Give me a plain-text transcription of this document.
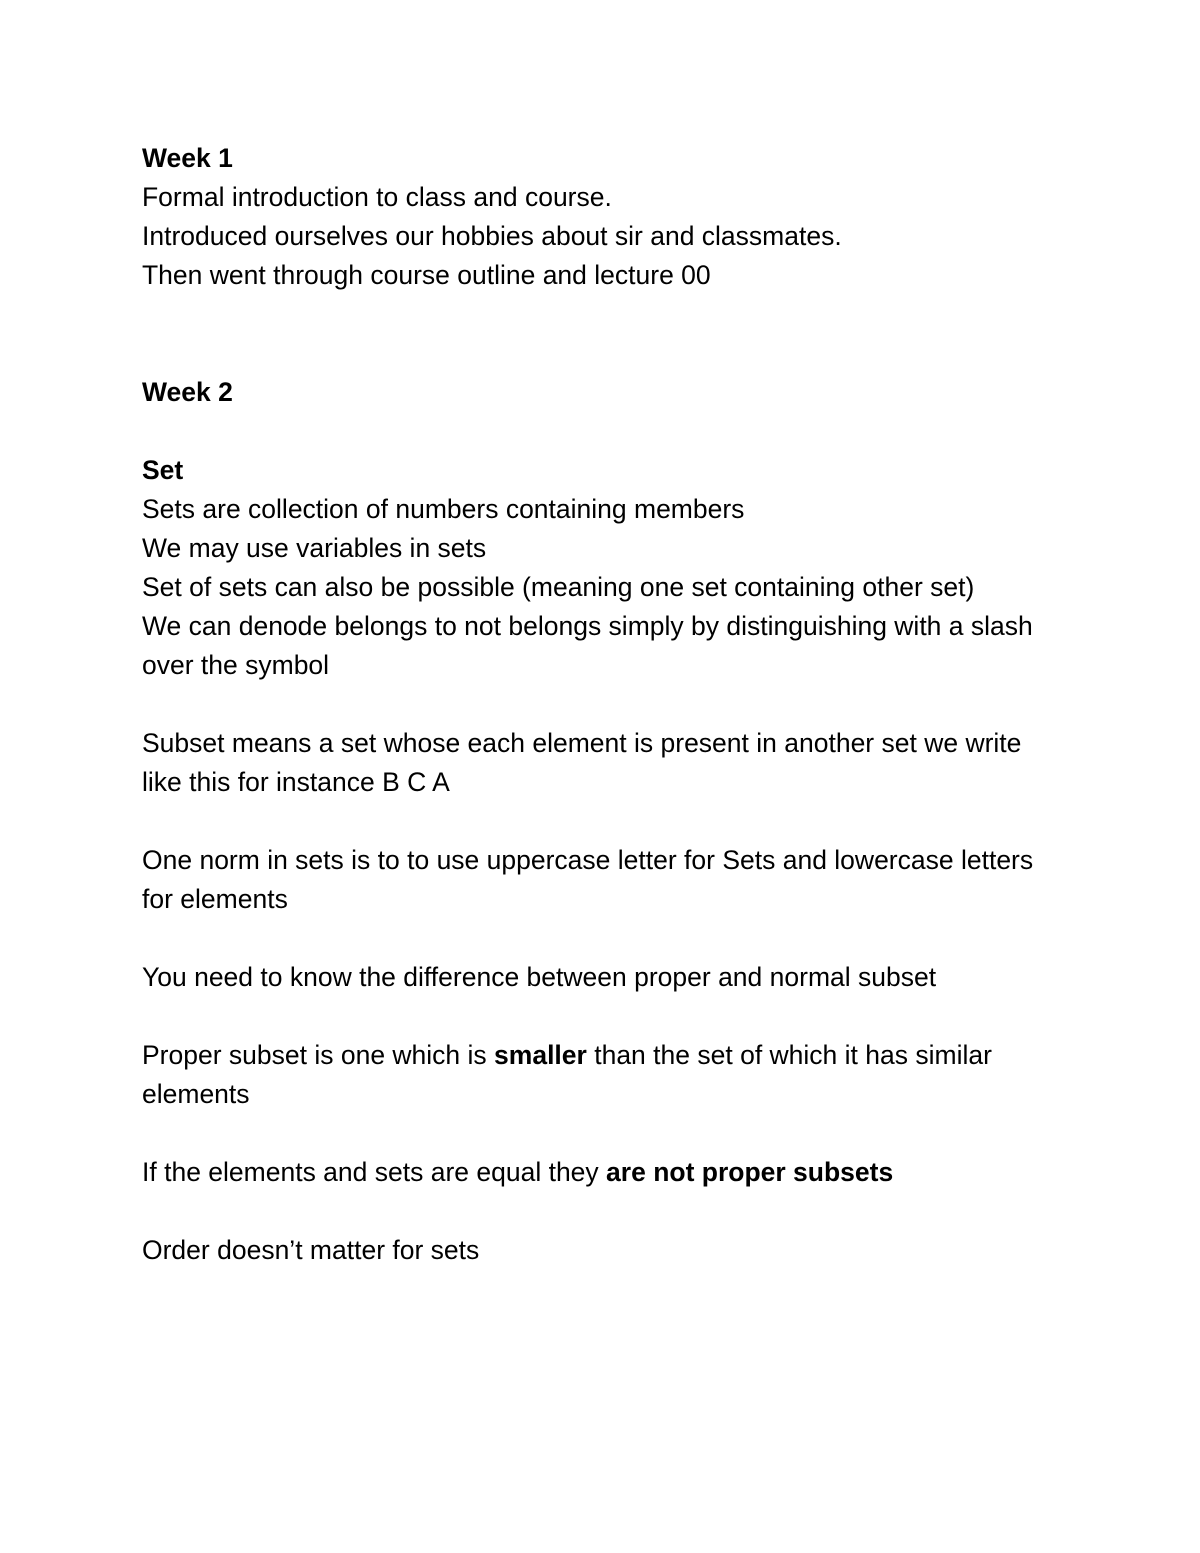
Week 1
Formal introduction to class and course.
Introduced ourselves our hobbies about sir and classmates.
Then went through course outline and lecture 00
Week 2
Set
Sets are collection of numbers containing members
We may use variables in sets
Set of sets can also be possible (meaning one set containing other set)
We can denode belongs to not belongs simply by distinguishing with a slash over the symbol
Subset means a set whose each element is present in another set we write like this for instance B C A
One norm in sets is to to use uppercase letter for Sets and lowercase letters for elements
You need to know the difference between proper and normal subset
Proper subset is one which is smaller than the set of which it has similar elements
If the elements and sets are equal they are not proper subsets
Order doesn’t matter for sets
